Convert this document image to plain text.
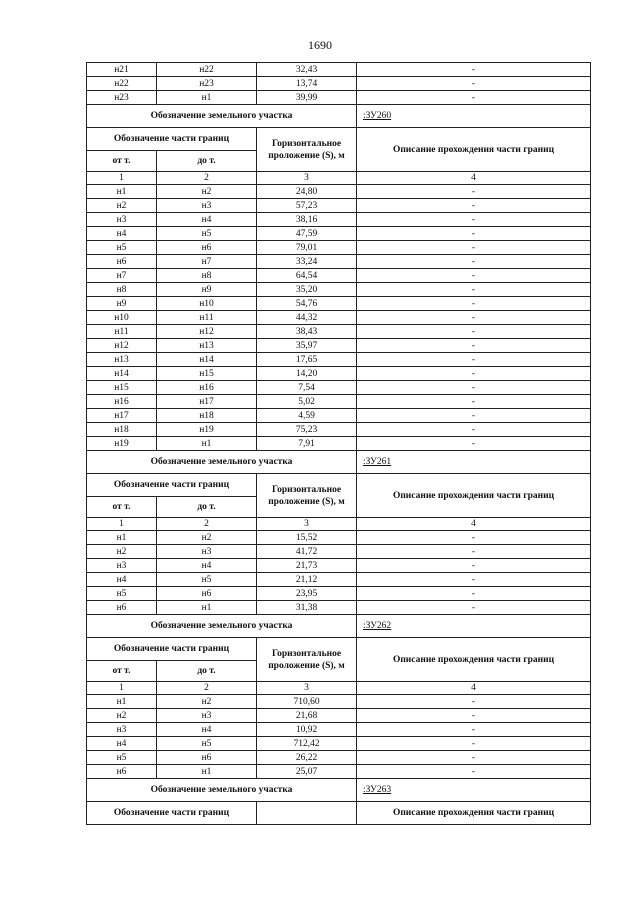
1690
н21	н22	32,43	-
н22	н23	13,74	-
н23	н1	39,99	-
Обозначение земельного участка			:ЗУ260
Обозначение части границ		Горизонтальное проложение (S), м	Описание прохождения части границ
от т.	до т.		
1	2	3	4
н1	н2	24,80	-
н2	н3	57,23	-
н3	н4	38,16	-
н4	н5	47,59	-
н5	н6	79,01	-
н6	н7	33,24	-
н7	н8	64,54	-
н8	н9	35,20	-
н9	н10	54,76	-
н10	н11	44,32	-
н11	н12	38,43	-
н12	н13	35,97	-
н13	н14	17,65	-
н14	н15	14,20	-
н15	н16	7,54	-
н16	н17	5,02	-
н17	н18	4,59	-
н18	н19	75,23	-
н19	н1	7,91	-
Обозначение земельного участка			:ЗУ261
Обозначение части границ		Горизонтальное проложение (S), м	Описание прохождения части границ
от т.	до т.		
1	2	3	4
н1	н2	15,52	-
н2	н3	41,72	-
н3	н4	21,73	-
н4	н5	21,12	-
н5	н6	23,95	-
н6	н1	31,38	-
Обозначение земельного участка			:ЗУ262
Обозначение части границ		Горизонтальное проложение (S), м	Описание прохождения части границ
от т.	до т.		
1	2	3	4
н1	н2	710,60	-
н2	н3	21,68	-
н3	н4	10,92	-
н4	н5	712,42	-
н5	н6	26,22	-
н6	н1	25,07	-
Обозначение земельного участка			:ЗУ263
Обозначение части границ			Описание прохождения части границ
